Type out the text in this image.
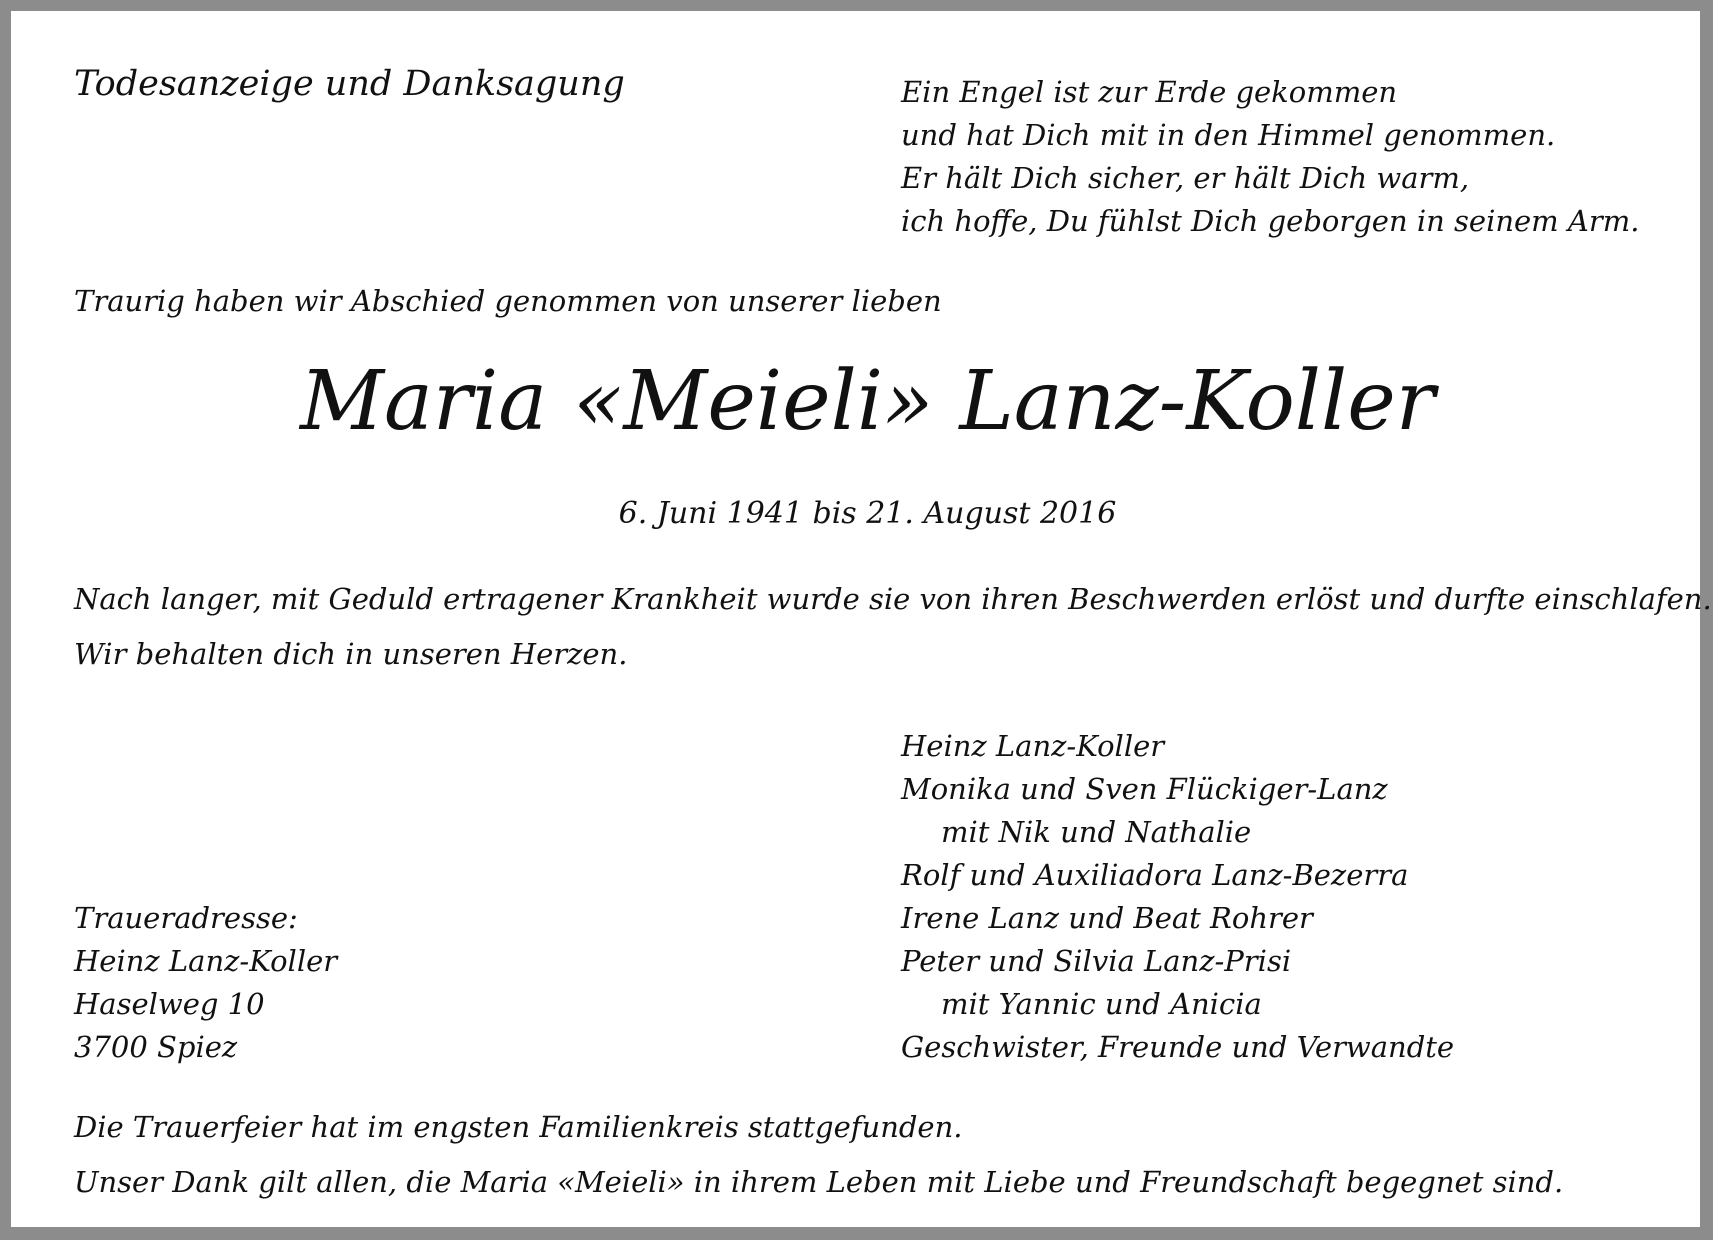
Todesanzeige und Danksagung	Ein Engel ist zur Erde gekommen
und hat Dich mit in den Himmel genommen.
Er hält Dich sicher, er hält Dich warm,
ich hoffe, Du fühlst Dich geborgen in seinem Arm.
Traurig haben wir Abschied genommen von unserer lieben
Maria «Meieli» Lanz-Koller
6. Juni 1941 bis 21. August 2016
Nach langer, mit Geduld ertragener Krankheit wurde sie von ihren Beschwerden erlöst und durfte einschlafen.
Wir behalten dich in unseren Herzen.
Heinz Lanz-Koller
Monika und Sven Flückiger-Lanz
mit Nik und Nathalie
Rolf und Auxiliadora Lanz-Bezerra
Irene Lanz und Beat Rohrer
Peter und Silvia Lanz-Prisi
mit Yannic und Anicia
Geschwister, Freunde und Verwandte
Traueradresse:
Heinz Lanz-Koller
Haselweg 10
3700 Spiez
Die Trauerfeier hat im engsten Familienkreis stattgefunden.
Unser Dank gilt allen, die Maria «Meieli» in ihrem Leben mit Liebe und Freundschaft begegnet sind.
